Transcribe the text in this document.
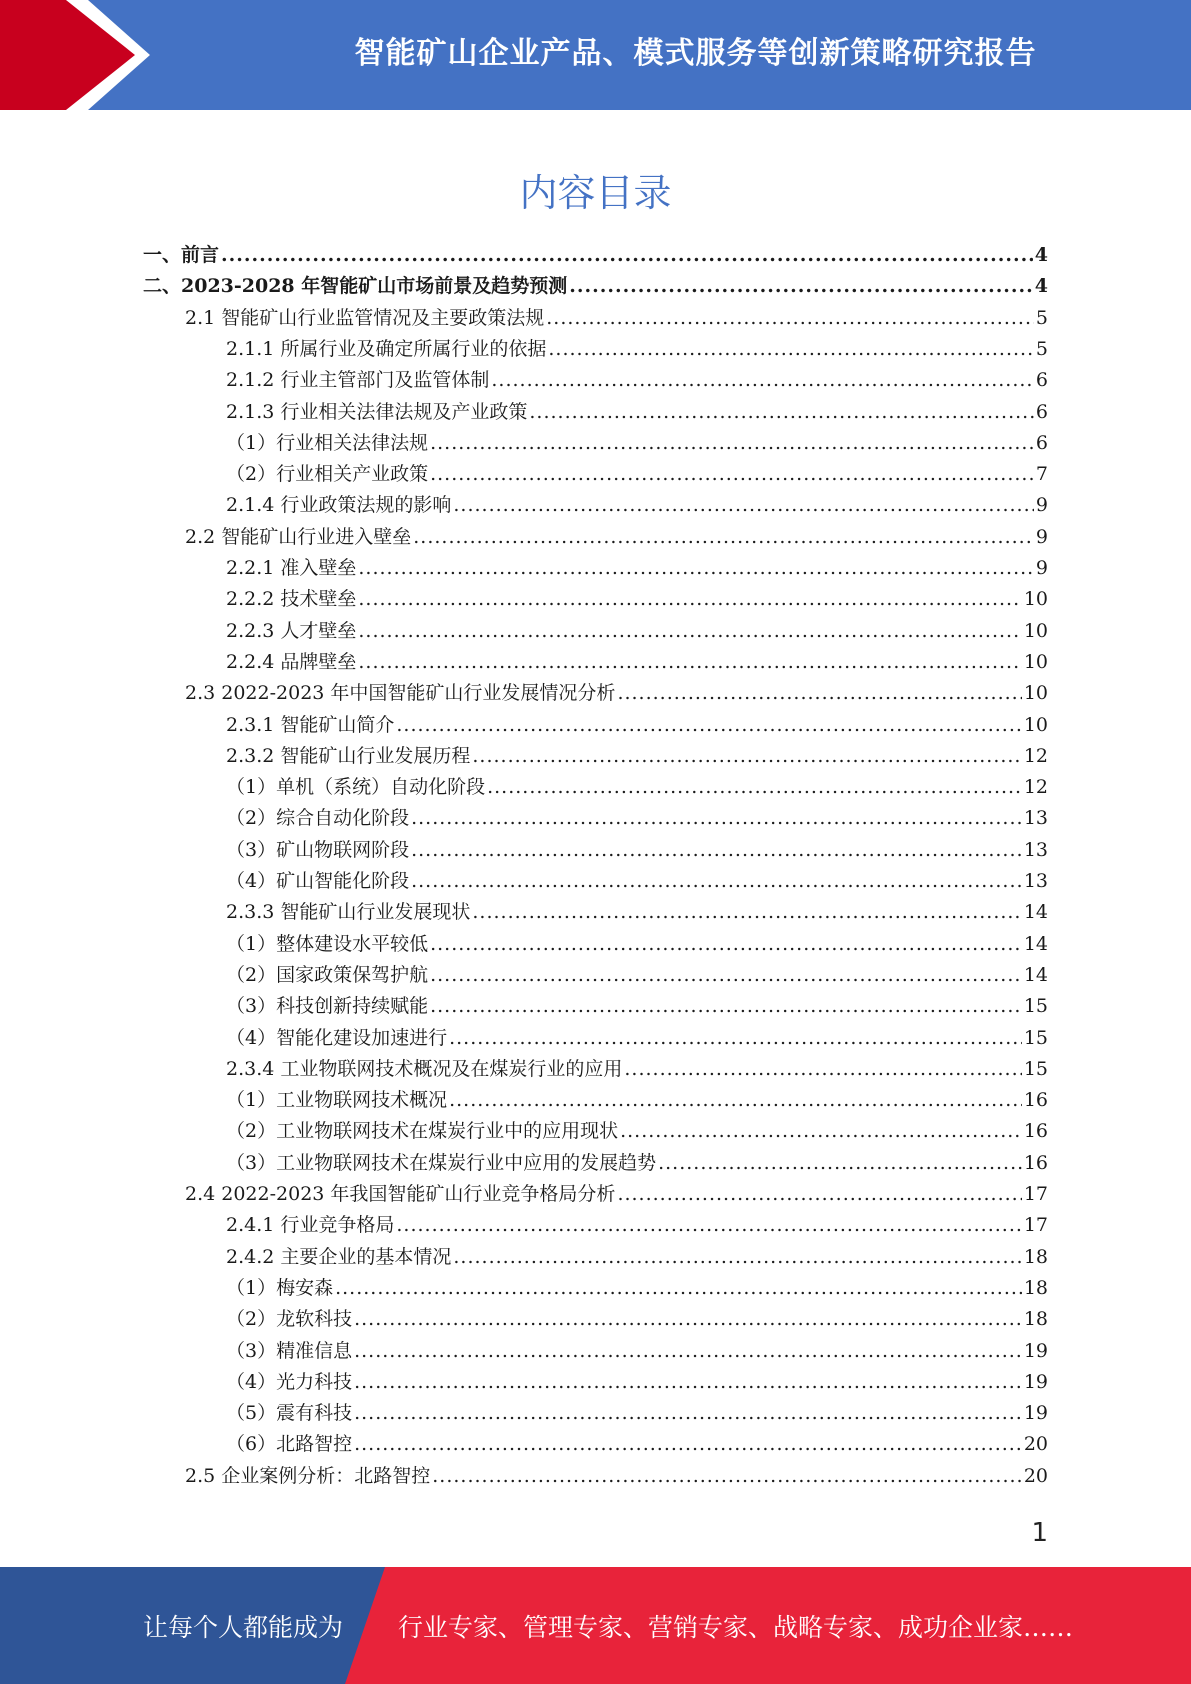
智能矿山企业产品、模式服务等创新策略研究报告
内容目录
一、前言 .....	4
二、2023-2028 年智能矿山市场前景及趋势预测 .....	4
2.1 智能矿山行业监管情况及主要政策法规 .....	5
2.1.1 所属行业及确定所属行业的依据 .....	5
2.1.2 行业主管部门及监管体制 .....	6
2.1.3 行业相关法律法规及产业政策 .....	6
（1）行业相关法律法规 .....	6
（2）行业相关产业政策 .....	7
2.1.4 行业政策法规的影响 .....	9
2.2 智能矿山行业进入壁垒 .....	9
2.2.1 准入壁垒 .....	9
2.2.2 技术壁垒 .....	10
2.2.3 人才壁垒 .....	10
2.2.4 品牌壁垒 .....	10
2.3 2022-2023 年中国智能矿山行业发展情况分析 .....	10
2.3.1 智能矿山简介 .....	10
2.3.2 智能矿山行业发展历程 .....	12
（1）单机（系统）自动化阶段 .....	12
（2）综合自动化阶段 .....	13
（3）矿山物联网阶段 .....	13
（4）矿山智能化阶段 .....	13
2.3.3 智能矿山行业发展现状 .....	14
（1）整体建设水平较低 .....	14
（2）国家政策保驾护航 .....	14
（3）科技创新持续赋能 .....	15
（4）智能化建设加速进行 .....	15
2.3.4 工业物联网技术概况及在煤炭行业的应用 .....	15
（1）工业物联网技术概况 .....	16
（2）工业物联网技术在煤炭行业中的应用现状 .....	16
（3）工业物联网技术在煤炭行业中应用的发展趋势 .....	16
2.4 2022-2023 年我国智能矿山行业竞争格局分析 .....	17
2.4.1 行业竞争格局 .....	17
2.4.2 主要企业的基本情况 .....	18
（1）梅安森 .....	18
（2）龙软科技 .....	18
（3）精准信息 .....	19
（4）光力科技 .....	19
（5）震有科技 .....	19
（6）北路智控 .....	20
2.5 企业案例分析：北路智控 .....	20
1
让每个人都能成为 行业专家、管理专家、营销专家、战略专家、成功企业家……
